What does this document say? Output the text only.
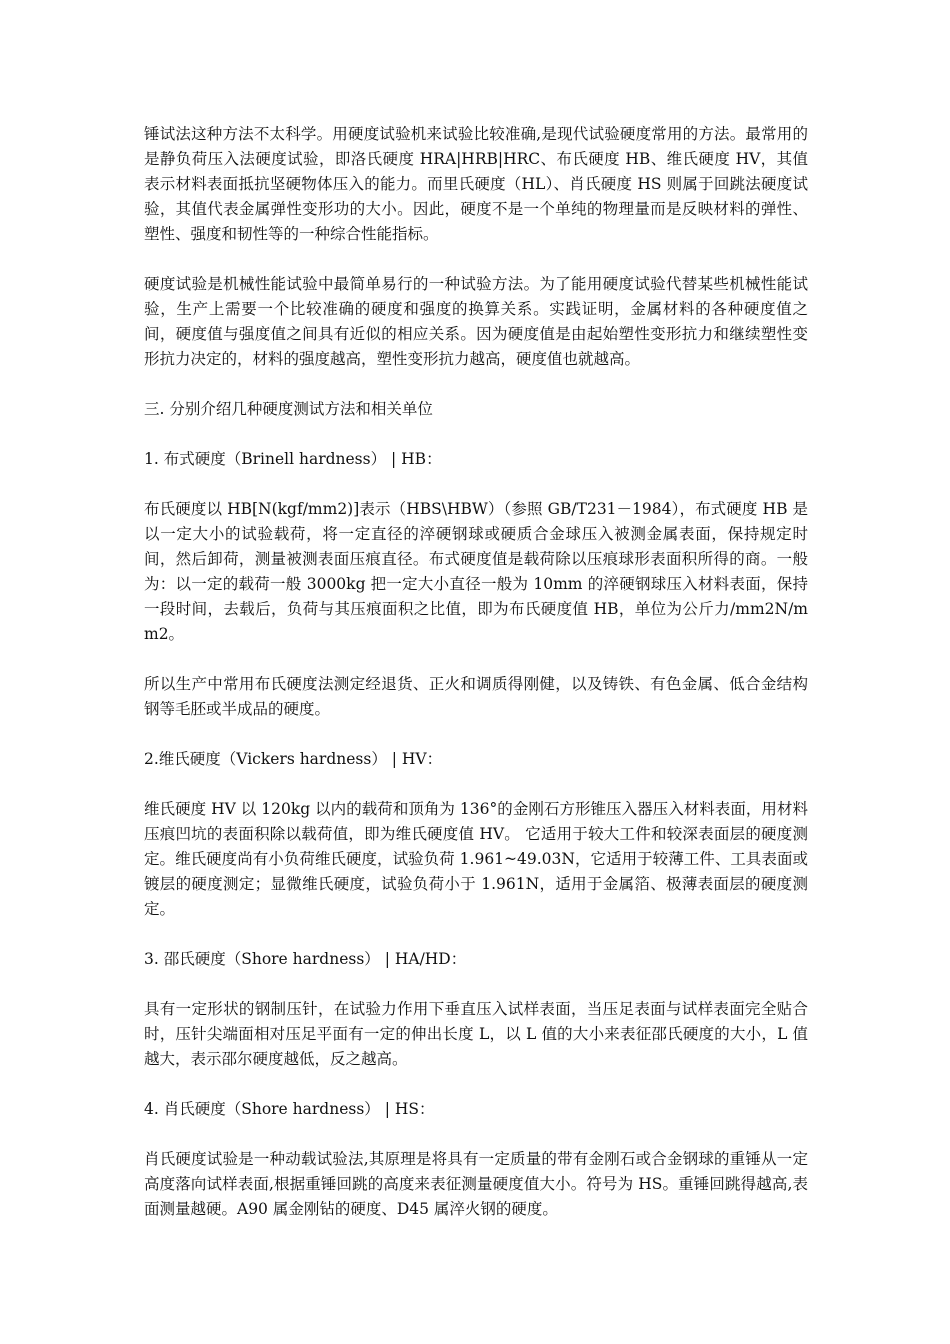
锤试法这种方法不太科学。用硬度试验机来试验比较准确,是现代试验硬度常用的方法。最常用的是静负荷压入法硬度试验，即洛氏硬度 HRA|HRB|HRC、布氏硬度 HB、维氏硬度 HV，其值表示材料表面抵抗坚硬物体压入的能力。而里氏硬度（HL）、肖氏硬度 HS 则属于回跳法硬度试验，其值代表金属弹性变形功的大小。因此，硬度不是一个单纯的物理量而是反映材料的弹性、塑性、强度和韧性等的一种综合性能指标。

硬度试验是机械性能试验中最简单易行的一种试验方法。为了能用硬度试验代替某些机械性能试验，生产上需要一个比较准确的硬度和强度的换算关系。实践证明，金属材料的各种硬度值之间，硬度值与强度值之间具有近似的相应关系。因为硬度值是由起始塑性变形抗力和继续塑性变形抗力决定的，材料的强度越高，塑性变形抗力越高，硬度值也就越高。

三. 分别介绍几种硬度测试方法和相关单位

1. 布式硬度（Brinell hardness） | HB：

布氏硬度以 HB[N(kgf/mm2)]表示（HBS\HBW）（参照 GB/T231－1984），布式硬度 HB 是以一定大小的试验载荷，将一定直径的淬硬钢球或硬质合金球压入被测金属表面，保持规定时间，然后卸荷，测量被测表面压痕直径。布式硬度值是载荷除以压痕球形表面积所得的商。一般为：以一定的载荷一般 3000kg 把一定大小直径一般为 10mm 的淬硬钢球压入材料表面，保持一段时间，去载后，负荷与其压痕面积之比值，即为布氏硬度值 HB，单位为公斤力/mm2N/mm2。

所以生产中常用布氏硬度法测定经退货、正火和调质得刚健，以及铸铁、有色金属、低合金结构钢等毛胚或半成品的硬度。

2.维氏硬度（Vickers hardness） | HV：

维氏硬度 HV 以 120kg 以内的载荷和顶角为 136°的金刚石方形锥压入器压入材料表面，用材料压痕凹坑的表面积除以载荷值，即为维氏硬度值 HV。 它适用于较大工件和较深表面层的硬度测定。维氏硬度尚有小负荷维氏硬度，试验负荷 1.961~49.03N，它适用于较薄工件、工具表面或镀层的硬度测定；显微维氏硬度，试验负荷小于 1.961N，适用于金属箔、极薄表面层的硬度测定。

3. 邵氏硬度（Shore hardness） | HA/HD：

具有一定形状的钢制压针，在试验力作用下垂直压入试样表面，当压足表面与试样表面完全贴合时，压针尖端面相对压足平面有一定的伸出长度 L，以 L 值的大小来表征邵氏硬度的大小，L 值越大，表示邵尔硬度越低，反之越高。

4. 肖氏硬度（Shore hardness） | HS：

肖氏硬度试验是一种动载试验法,其原理是将具有一定质量的带有金刚石或合金钢球的重锤从一定高度落向试样表面,根据重锤回跳的高度来表征测量硬度值大小。符号为 HS。重锤回跳得越高,表面测量越硬。A90 属金刚钻的硬度、D45 属淬火钢的硬度。
